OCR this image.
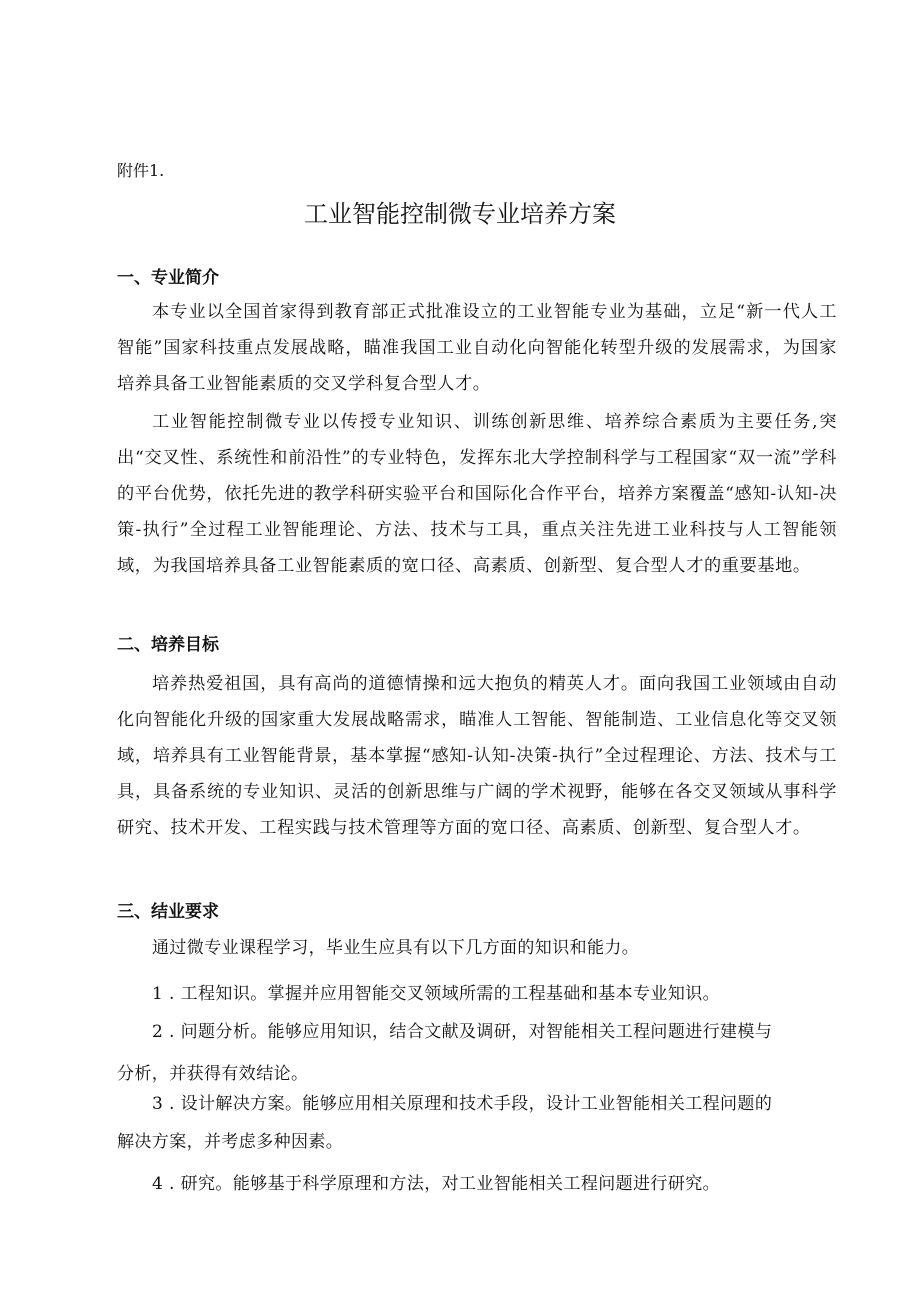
附件1.
工业智能控制微专业培养方案
一、专业简介
本专业以全国首家得到教育部正式批准设立的工业智能专业为基础，立足“新一代人工智能”国家科技重点发展战略，瞄准我国工业自动化向智能化转型升级的发展需求，为国家培养具备工业智能素质的交叉学科复合型人才。
工业智能控制微专业以传授专业知识、训练创新思维、培养综合素质为主要任务,突出“交叉性、系统性和前沿性”的专业特色，发挥东北大学控制科学与工程国家“双一流”学科的平台优势，依托先进的教学科研实验平台和国际化合作平台，培养方案覆盖“感知-认知-决策-执行”全过程工业智能理论、方法、技术与工具，重点关注先进工业科技与人工智能领域，为我国培养具备工业智能素质的宽口径、高素质、创新型、复合型人才的重要基地。
二、培养目标
培养热爱祖国，具有高尚的道德情操和远大抱负的精英人才。面向我国工业领域由自动化向智能化升级的国家重大发展战略需求，瞄准人工智能、智能制造、工业信息化等交叉领域，培养具有工业智能背景，基本掌握“感知-认知-决策-执行”全过程理论、方法、技术与工具，具备系统的专业知识、灵活的创新思维与广阔的学术视野，能够在各交叉领域从事科学研究、技术开发、工程实践与技术管理等方面的宽口径、高素质、创新型、复合型人才。
三、结业要求
通过微专业课程学习，毕业生应具有以下几方面的知识和能力。
1 . 工程知识。掌握并应用智能交叉领域所需的工程基础和基本专业知识。
2 . 问题分析。能够应用知识，结合文献及调研，对智能相关工程问题进行建模与
分析，并获得有效结论。
3 . 设计解决方案。能够应用相关原理和技术手段，设计工业智能相关工程问题的
解决方案，并考虑多种因素。
4 . 研究。能够基于科学原理和方法，对工业智能相关工程问题进行研究。
